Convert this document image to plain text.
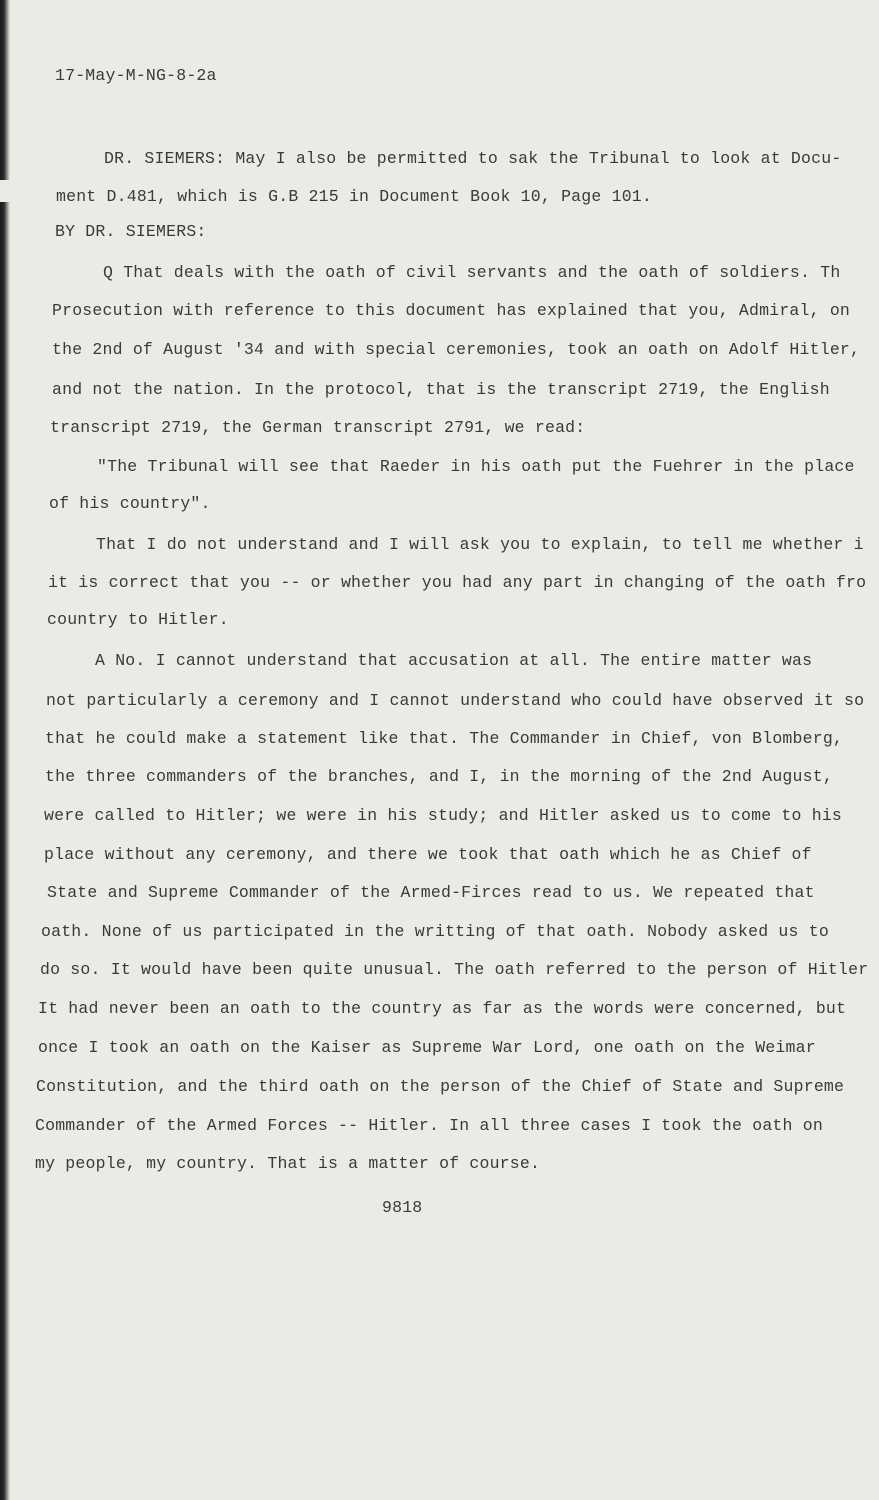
17-May-M-NG-8-2a
DR. SIEMERS: May I also be permitted to sak the Tribunal to look at Docu-
ment D.481, which is G.B 215 in Document Book 10, Page 101.
BY DR. SIEMERS:
Q That deals with the oath of civil servants and the oath of soldiers. Th
Prosecution with reference to this document has explained that you, Admiral, on
the 2nd of August '34 and with special ceremonies, took an oath on Adolf Hitler,
and not the nation. In the protocol, that is the transcript 2719, the English
transcript 2719, the German transcript 2791, we read:
"The Tribunal will see that Raeder in his oath put the Fuehrer in the place
of his country".
That I do not understand and I will ask you to explain, to tell me whether i
it is correct that you -- or whether you had any part in changing of the oath fro
country to Hitler.
A No. I cannot understand that accusation at all. The entire matter was
not particularly a ceremony and I cannot understand who could have observed it so
that he could make a statement like that. The Commander in Chief, von Blomberg,
the three commanders of the branches, and I, in the morning of the 2nd August,
were called to Hitler; we were in his study; and Hitler asked us to come to his
place without any ceremony, and there we took that oath which he as Chief of
State and Supreme Commander of the Armed-Firces read to us. We repeated that
oath. None of us participated in the writting of that oath. Nobody asked us to
do so. It would have been quite unusual. The oath referred to the person of Hitler
It had never been an oath to the country as far as the words were concerned, but
once I took an oath on the Kaiser as Supreme War Lord, one oath on the Weimar
Constitution, and the third oath on the person of the Chief of State and Supreme
Commander of the Armed Forces -- Hitler. In all three cases I took the oath on
my people, my country. That is a matter of course.
9818
